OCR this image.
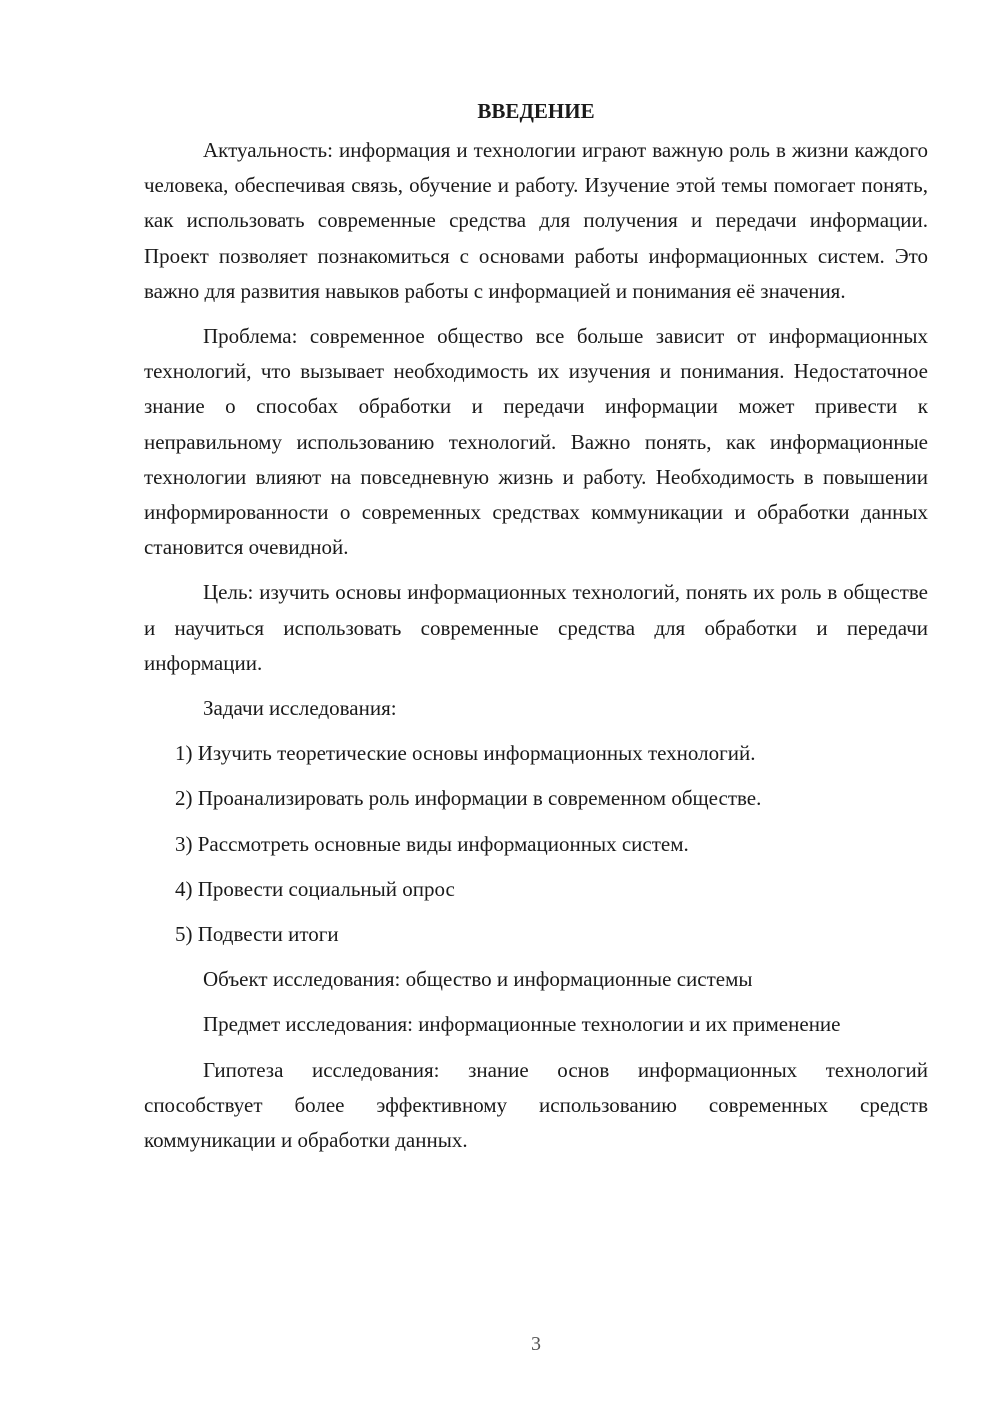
ВВЕДЕНИЕ

Актуальность: информация и технологии играют важную роль в жизни каждого человека, обеспечивая связь, обучение и работу. Изучение этой темы помогает понять, как использовать современные средства для получения и передачи информации. Проект позволяет познакомиться с основами работы информационных систем. Это важно для развития навыков работы с информацией и понимания её значения.

Проблема: современное общество все больше зависит от информационных технологий, что вызывает необходимость их изучения и понимания. Недостаточное знание о способах обработки и передачи информации может привести к неправильному использованию технологий. Важно понять, как информационные технологии влияют на повседневную жизнь и работу. Необходимость в повышении информированности о современных средствах коммуникации и обработки данных становится очевидной.

Цель: изучить основы информационных технологий, понять их роль в обществе и научиться использовать современные средства для обработки и передачи информации.

Задачи исследования:
1) Изучить теоретические основы информационных технологий.
2) Проанализировать роль информации в современном обществе.
3) Рассмотреть основные виды информационных систем.
4) Провести социальный опрос
5) Подвести итоги
Объект исследования: общество и информационные системы

Предмет исследования: информационные технологии и их применение

Гипотеза исследования: знание основ информационных технологий способствует более эффективному использованию современных средств коммуникации и обработки данных.

3
